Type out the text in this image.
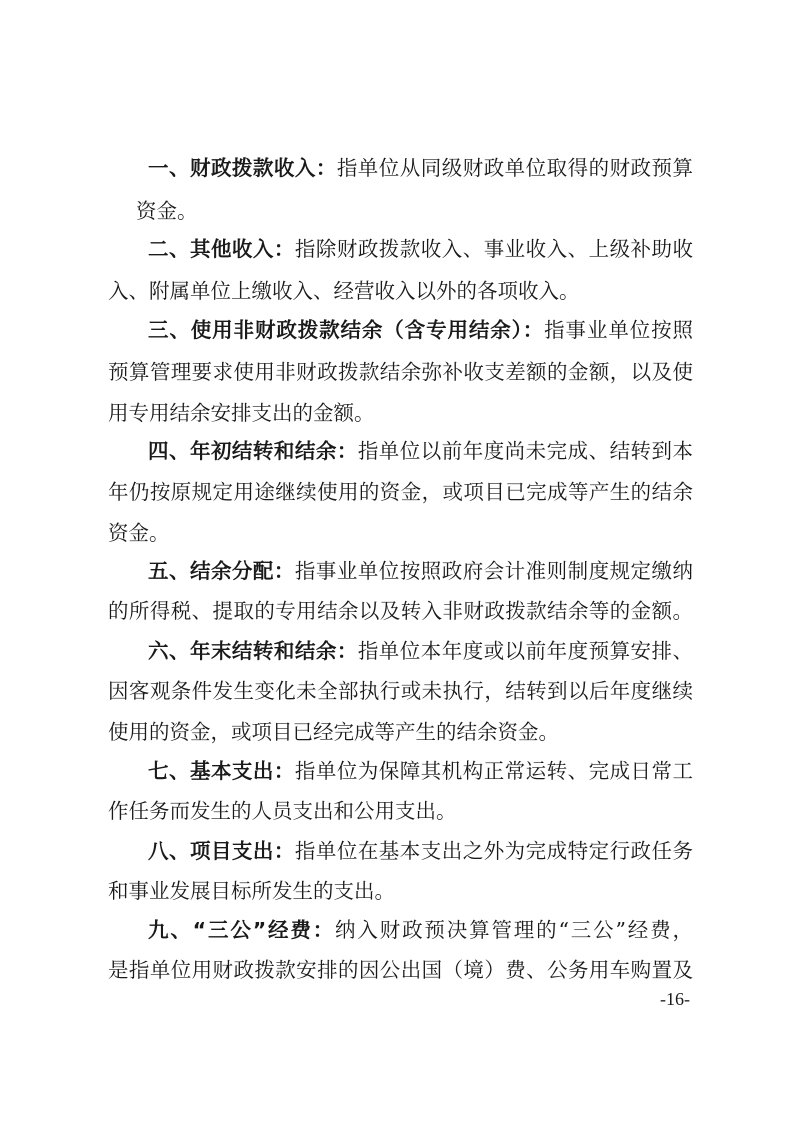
一、财政拨款收入：指单位从同级财政单位取得的财政预算
资金。
二、其他收入：指除财政拨款收入、事业收入、上级补助收
入、附属单位上缴收入、经营收入以外的各项收入。
三、使用非财政拨款结余（含专用结余）：指事业单位按照
预算管理要求使用非财政拨款结余弥补收支差额的金额，以及使
用专用结余安排支出的金额。
四、年初结转和结余：指单位以前年度尚未完成、结转到本
年仍按原规定用途继续使用的资金，或项目已完成等产生的结余
资金。
五、结余分配：指事业单位按照政府会计准则制度规定缴纳
的所得税、提取的专用结余以及转入非财政拨款结余等的金额。
六、年末结转和结余：指单位本年度或以前年度预算安排、
因客观条件发生变化未全部执行或未执行，结转到以后年度继续
使用的资金，或项目已经完成等产生的结余资金。
七、基本支出：指单位为保障其机构正常运转、完成日常工
作任务而发生的人员支出和公用支出。
八、项目支出：指单位在基本支出之外为完成特定行政任务
和事业发展目标所发生的支出。
九、“三公”经费：纳入财政预决算管理的“三公”经费，
是指单位用财政拨款安排的因公出国（境）费、公务用车购置及
-16-
